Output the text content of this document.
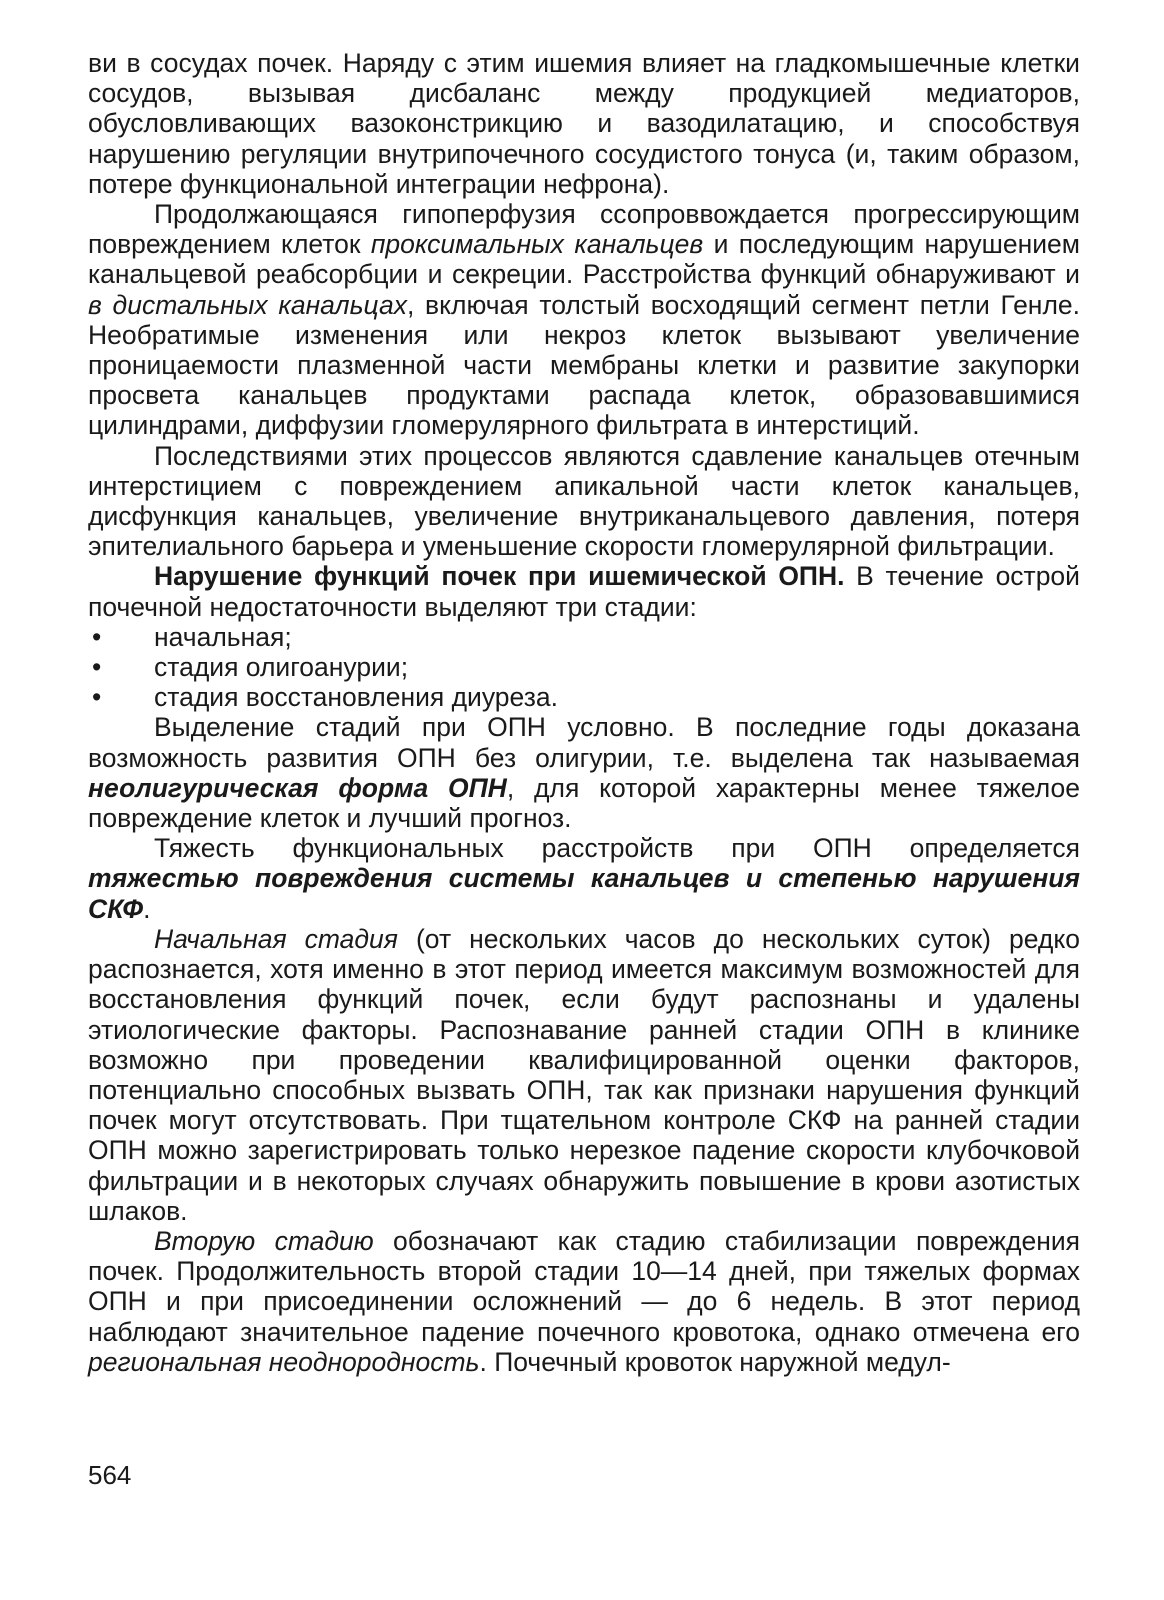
ви в сосудах почек. Наряду с этим ишемия влияет на гладкомышечные клетки сосудов, вызывая дисбаланс между продукцией медиаторов, обусловливающих вазоконстрикцию и вазодилатацию, и способствуя нарушению регуляции внутрипочечного сосудистого тонуса (и, таким образом, потере функциональной интеграции нефрона).

Продолжающаяся гипоперфузия ссопроввождается прогрессирующим повреждением клеток проксимальных канальцев и последующим нарушением канальцевой реабсорбции и секреции. Расстройства функций обнаруживают и в дистальных канальцах, включая толстый восходящий сегмент петли Генле. Необратимые изменения или некроз клеток вызывают увеличение проницаемости плазменной части мембраны клетки и развитие закупорки просвета канальцев продуктами распада клеток, образовавшимися цилиндрами, диффузии гломерулярного фильтрата в интерстиций.

Последствиями этих процессов являются сдавление канальцев отечным интерстицием с повреждением апикальной части клеток канальцев, дисфункция канальцев, увеличение внутриканальцевого давления, потеря эпителиального барьера и уменьшение скорости гломерулярной фильтрации.

Нарушение функций почек при ишемической ОПН. В течение острой почечной недостаточности выделяют три стадии:

• начальная;
• стадия олигоанурии;
• стадия восстановления диуреза.

Выделение стадий при ОПН условно. В последние годы доказана возможность развития ОПН без олигурии, т.е. выделена так называемая неолигурическая форма ОПН, для которой характерны менее тяжелое повреждение клеток и лучший прогноз.

Тяжесть функциональных расстройств при ОПН определяется тяжестью повреждения системы канальцев и степенью нарушения СКФ.

Начальная стадия (от нескольких часов до нескольких суток) редко распознается, хотя именно в этот период имеется максимум возможностей для восстановления функций почек, если будут распознаны и удалены этиологические факторы. Распознавание ранней стадии ОПН в клинике возможно при проведении квалифицированной оценки факторов, потенциально способных вызвать ОПН, так как признаки нарушения функций почек могут отсутствовать. При тщательном контроле СКФ на ранней стадии ОПН можно зарегистрировать только нерезкое падение скорости клубочковой фильтрации и в некоторых случаях обнаружить повышение в крови азотистых шлаков.

Вторую стадию обозначают как стадию стабилизации повреждения почек. Продолжительность второй стадии 10—14 дней, при тяжелых формах ОПН и при присоединении осложнений — до 6 недель. В этот период наблюдают значительное падение почечного кровотока, однако отмечена его региональная неоднородность. Почечный кровоток наружной медул-

564
